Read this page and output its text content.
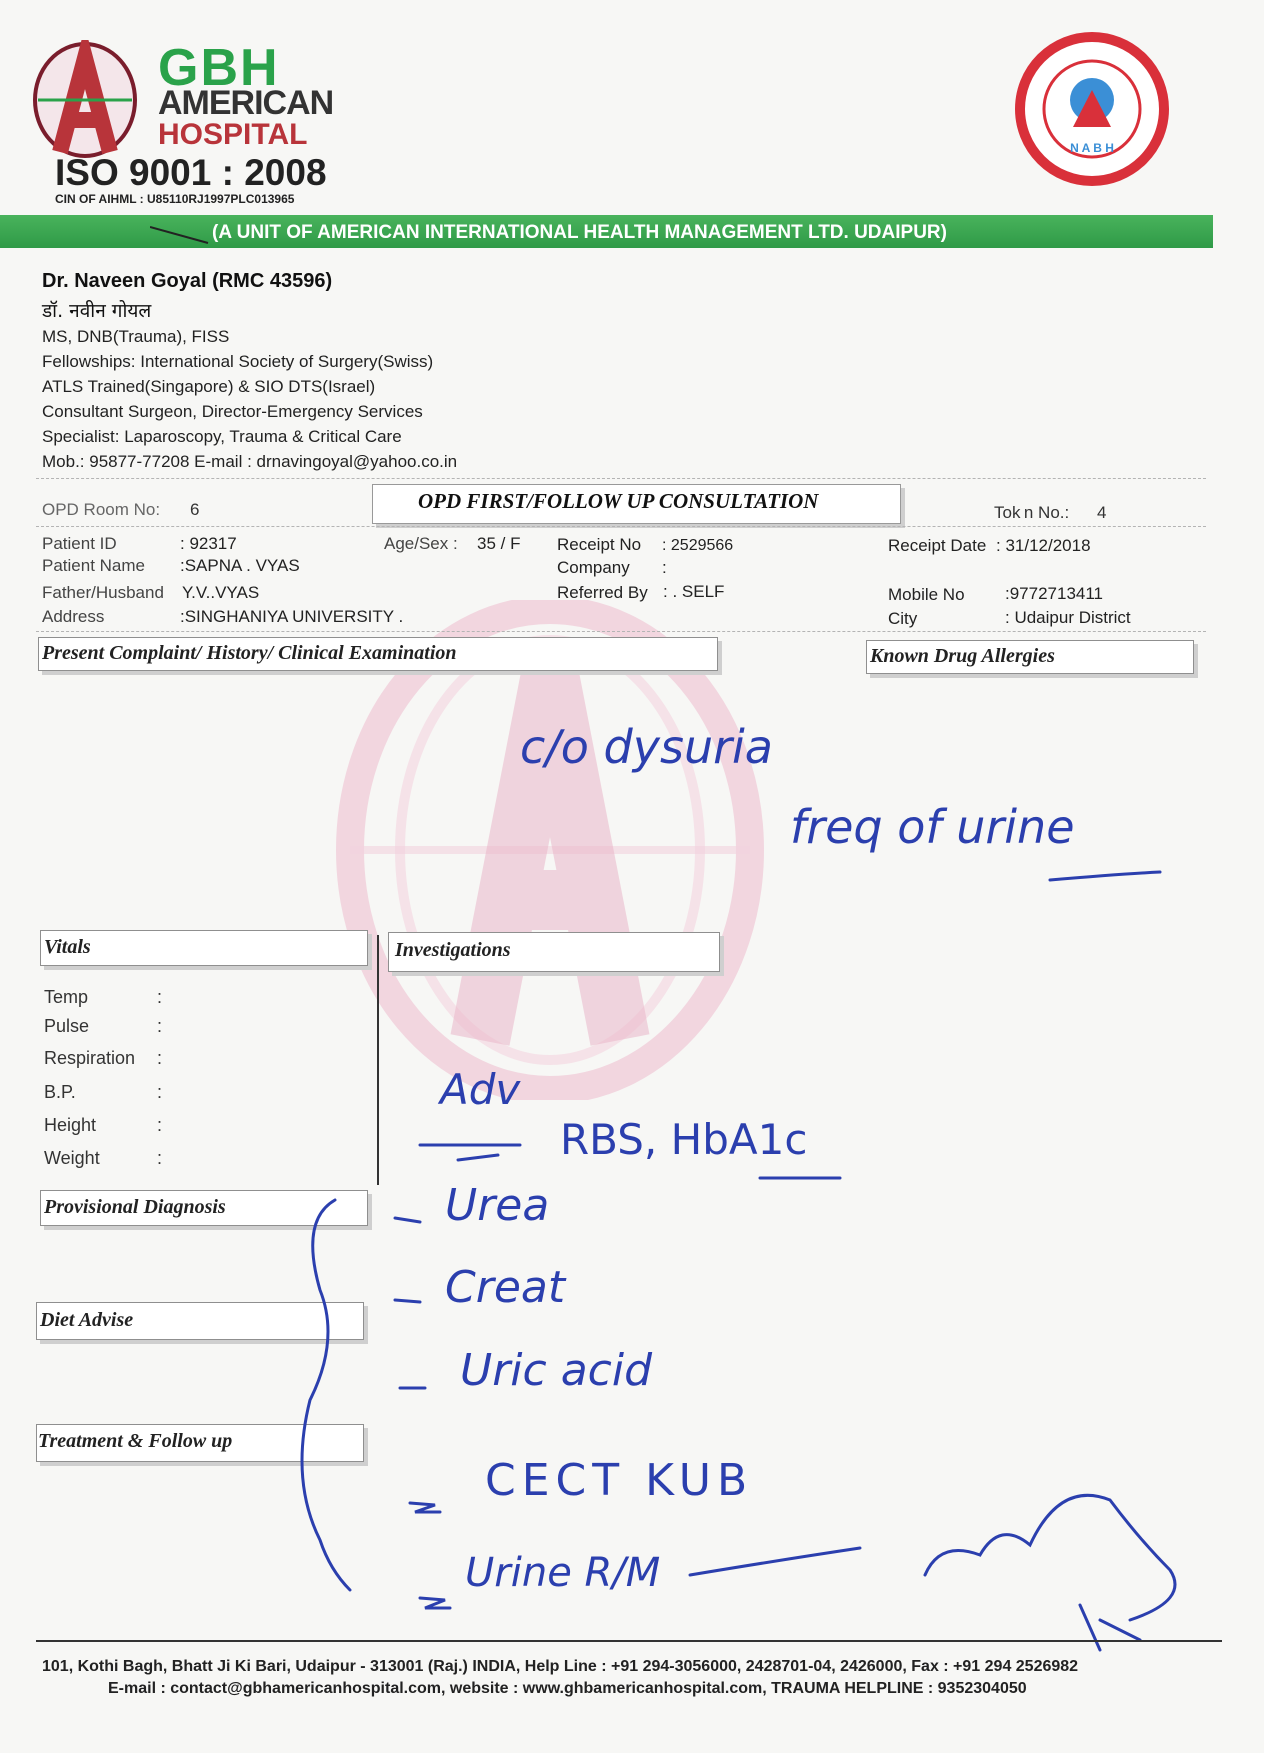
GBH
AMERICAN
HOSPITAL
ISO 9001 : 2008
CIN OF AIHML : U85110RJ1997PLC013965
N A B H
(A UNIT OF AMERICAN INTERNATIONAL HEALTH MANAGEMENT LTD. UDAIPUR)
Dr. Naveen Goyal (RMC 43596)
डॉ. नवीन गोयल
MS, DNB(Trauma), FISS
Fellowships: International Society of Surgery(Swiss)
ATLS Trained(Singapore) & SIO DTS(Israel)
Consultant Surgeon, Director-Emergency Services
Specialist: Laparoscopy, Trauma & Critical Care
Mob.: 95877-77208 E-mail : drnavingoyal@yahoo.co.in
OPD Room No: 6	OPD FIRST/FOLLOW UP CONSULTATION	Tok n No.: 4
Patient ID	: 92317
Patient Name :SAPNA . VYAS
Father/Husband Y.V..VYAS
Address	:SINGHANIYA UNIVERSITY .
Age/Sex : 35 / F Receipt No : 2529566
Company :
Referred By : . SELF
Receipt Date : 31/12/2018
Mobile No :9772713411
City	: Udaipur District
Present Complaint/ History/ Clinical Examination	Known Drug Allergies
Vitals	Investigations
Temp	:
Pulse	:
Respiration :
B.P.	:
Height	:
Weight	:
Provisional Diagnosis
Diet Advise
Treatment & Follow up
c/o dysuria
freq of urine
Adv
RBS, HbA1c
Urea
Creat
Uric acid
CECT KUB
Urine R/M
101, Kothi Bagh, Bhatt Ji Ki Bari, Udaipur - 313001 (Raj.) INDIA, Help Line : +91 294-3056000, 2428701-04, 2426000, Fax : +91 294 2526982
E-mail : contact@gbhamericanhospital.com, website : www.ghbamericanhospital.com, TRAUMA HELPLINE : 9352304050
